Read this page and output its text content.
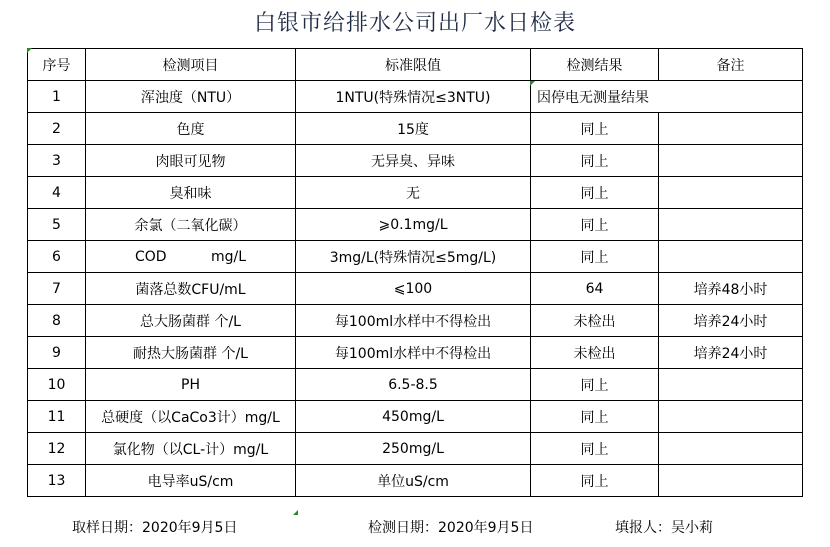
白银市给排水公司出厂水日检表
序号	检测项目	标准限值	检测结果	备注
1	浑浊度（NTU）	1NTU(特殊情况≤3NTU)	因停电无测量结果	
2	色度	15度	同上	
3	肉眼可见物	无异臭、异味	同上	
4	臭和味	无	同上	
5	余氯（二氧化碳）	⩾0.1mg/L	同上	
6	COD          mg/L	3mg/L(特殊情况≤5mg/L)	同上	
7	菌落总数CFU/mL	⩽100	64	培养48小时
8	总大肠菌群 个/L	每100ml水样中不得检出	未检出	培养24小时
9	耐热大肠菌群 个/L	每100ml水样中不得检出	未检出	培养24小时
10	PH	6.5-8.5	同上	
11	总硬度（以CaCo3计）mg/L	450mg/L	同上	
12	氯化物（以CL-计）mg/L	250mg/L	同上	
13	电导率uS/cm	单位uS/cm	同上	
取样日期：2020年9月5日	检测日期：2020年9月5日	填报人：吴小莉
